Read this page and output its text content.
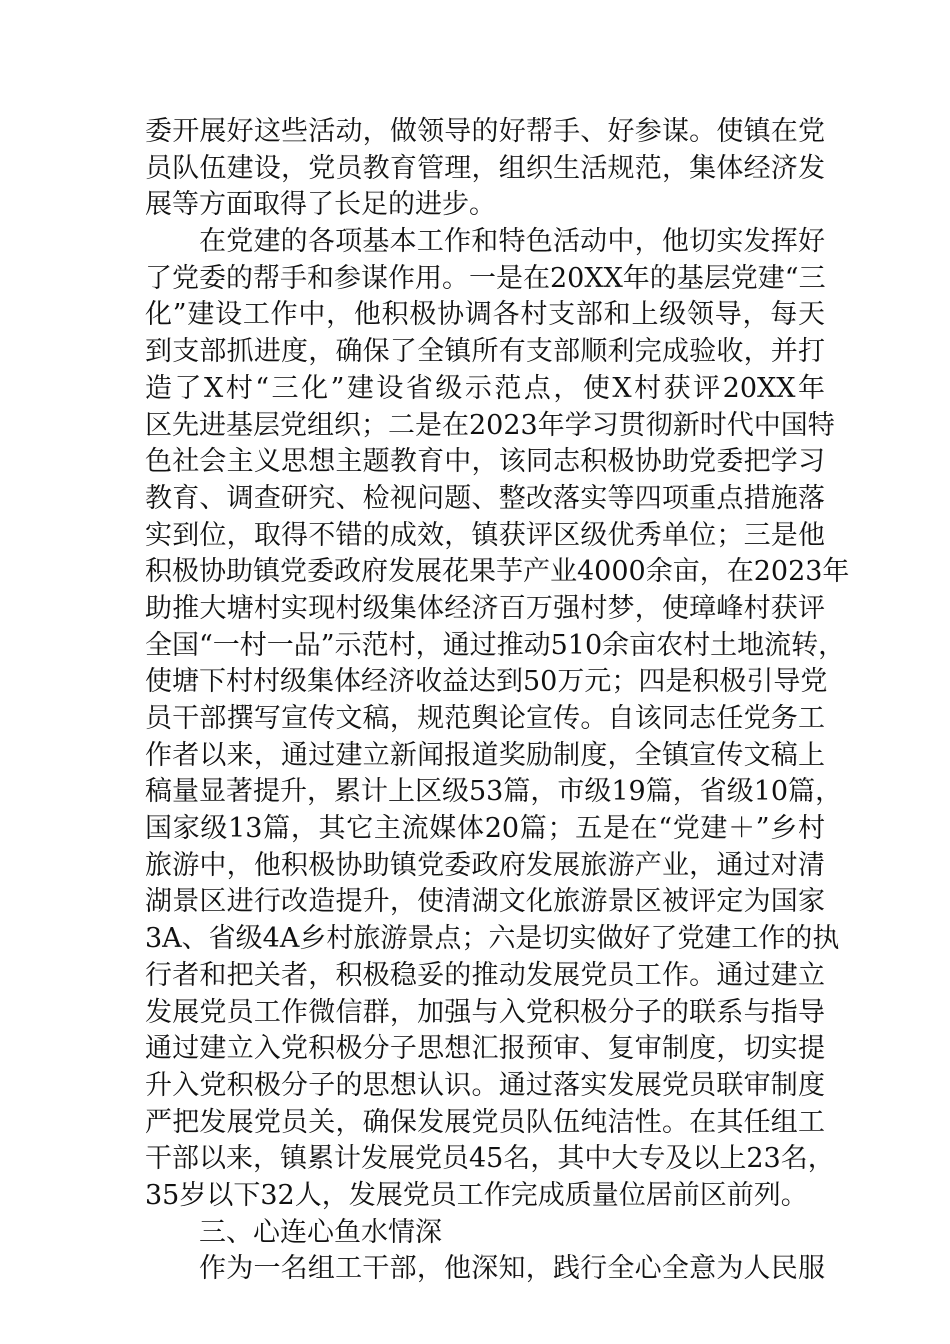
委开展好这些活动，做领导的好帮手、好参谋。使镇在党
员队伍建设，党员教育管理，组织生活规范，集体经济发
展等方面取得了长足的进步。
在党建的各项基本工作和特色活动中，他切实发挥好
了党委的帮手和参谋作用。一是在20XX年的基层党建“三
化”建设工作中，他积极协调各村支部和上级领导，每天
到支部抓进度，确保了全镇所有支部顺利完成验收，并打
造了X村“三化”建设省级示范点，使X村获评20XX年
区先进基层党组织；二是在2023年学习贯彻新时代中国特
色社会主义思想主题教育中，该同志积极协助党委把学习
教育、调查研究、检视问题、整改落实等四项重点措施落
实到位，取得不错的成效，镇获评区级优秀单位；三是他
积极协助镇党委政府发展花果芋产业4000余亩，在2023年
助推大塘村实现村级集体经济百万强村梦，使璋峰村获评
全国“一村一品”示范村，通过推动510余亩农村土地流转，
使塘下村村级集体经济收益达到50万元；四是积极引导党
员干部撰写宣传文稿，规范舆论宣传。自该同志任党务工
作者以来，通过建立新闻报道奖励制度，全镇宣传文稿上
稿量显著提升，累计上区级53篇，市级19篇，省级10篇，
国家级13篇，其它主流媒体20篇；五是在“党建＋”乡村
旅游中，他积极协助镇党委政府发展旅游产业，通过对清
湖景区进行改造提升，使清湖文化旅游景区被评定为国家
3A、省级4A乡村旅游景点；六是切实做好了党建工作的执
行者和把关者，积极稳妥的推动发展党员工作。通过建立
发展党员工作微信群，加强与入党积极分子的联系与指导
通过建立入党积极分子思想汇报预审、复审制度，切实提
升入党积极分子的思想认识。通过落实发展党员联审制度
严把发展党员关，确保发展党员队伍纯洁性。在其任组工
干部以来，镇累计发展党员45名，其中大专及以上23名，
35岁以下32人，发展党员工作完成质量位居前区前列。
三、心连心鱼水情深
作为一名组工干部，他深知，践行全心全意为人民服
